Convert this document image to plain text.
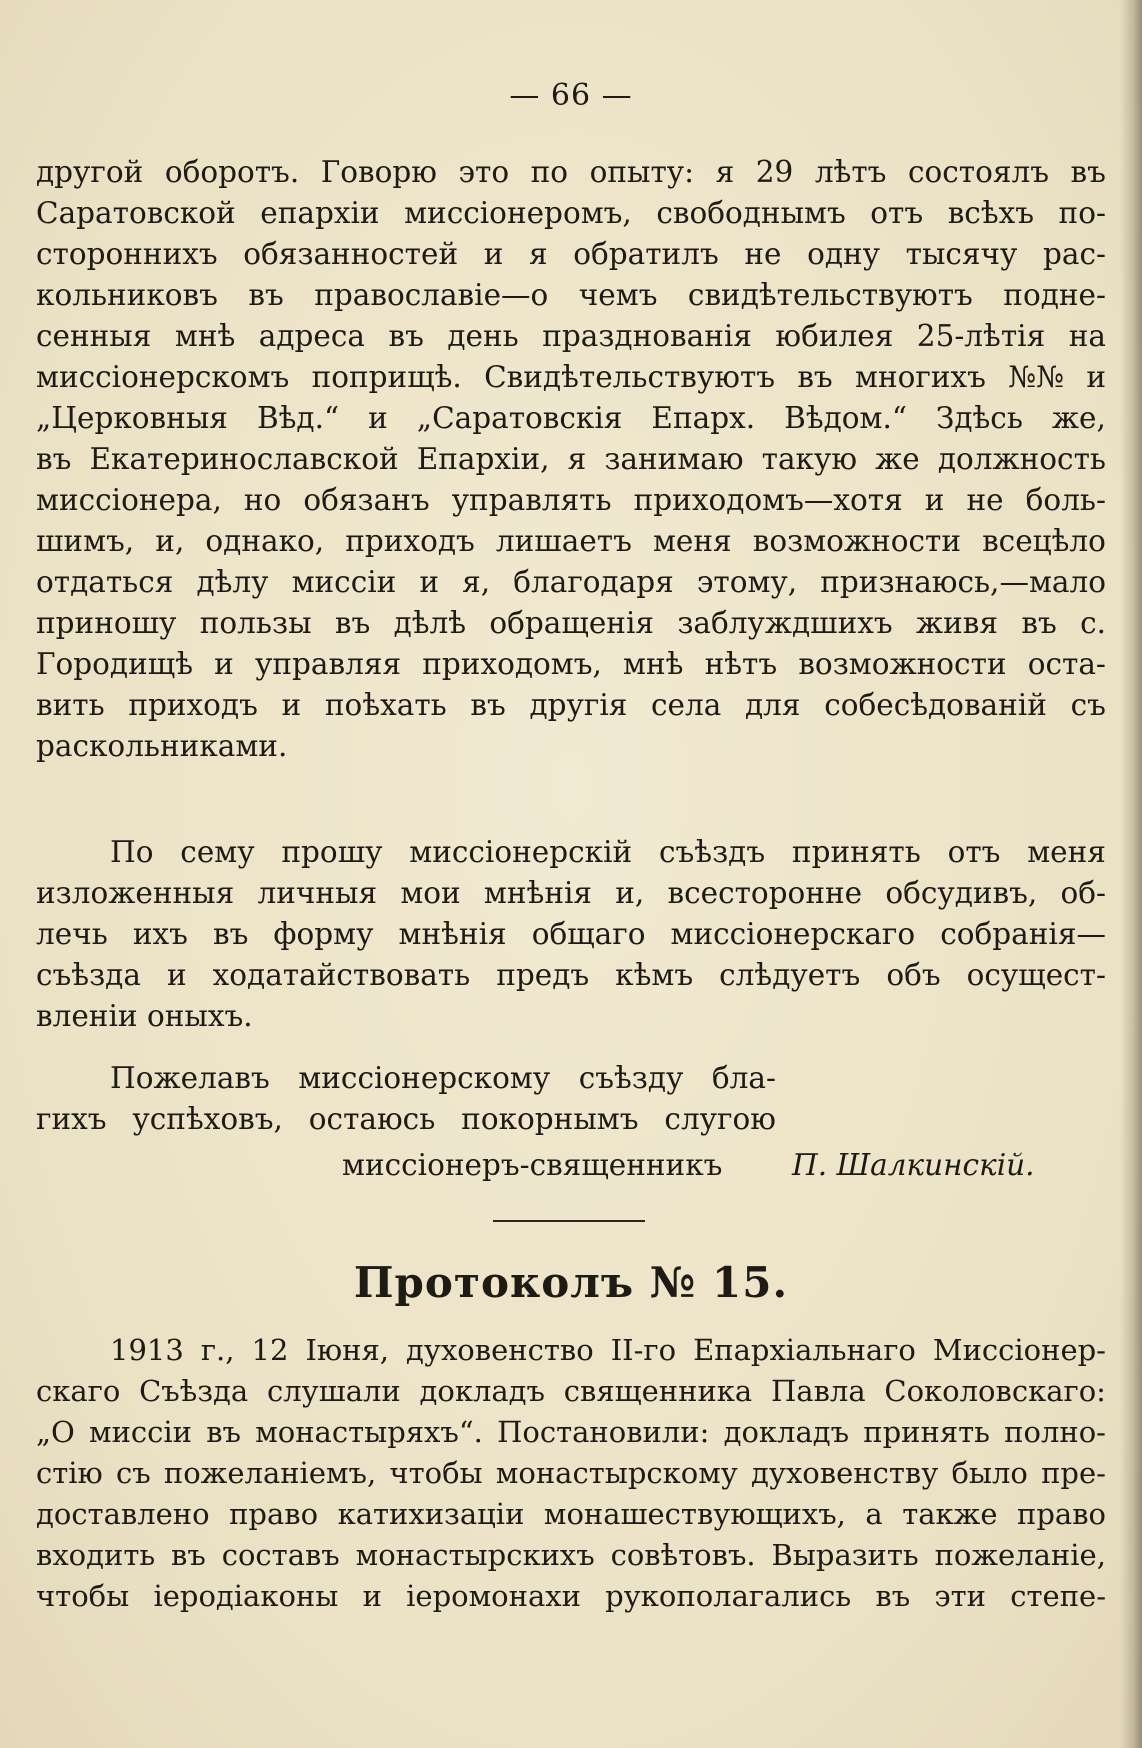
— 66 —
другой оборотъ. Говорю это по опыту: я 29 лѣтъ состоялъ въ
Саратовской епархіи миссіонеромъ, свободнымъ отъ всѣхъ по-
стороннихъ обязанностей и я обратилъ не одну тысячу рас-
кольниковъ въ православіе—о чемъ свидѣтельствуютъ подне-
сенныя мнѣ адреса въ день празднованія юбилея 25-лѣтія на
миссіонерскомъ поприщѣ. Свидѣтельствуютъ въ многихъ №№ и
„Церковныя Вѣд.“ и „Саратовскія Епарх. Вѣдом.“ Здѣсь же,
въ Екатеринославской Епархіи, я занимаю такую же должность
миссіонера, но обязанъ управлять приходомъ—хотя и не боль-
шимъ, и, однако, приходъ лишаетъ меня возможности всецѣло
отдаться дѣлу миссіи и я, благодаря этому, признаюсь,—мало
приношу пользы въ дѣлѣ обращенія заблуждшихъ живя въ с.
Городищѣ и управляя приходомъ, мнѣ нѣтъ возможности оста-
вить приходъ и поѣхать въ другія села для собесѣдованій съ
раскольниками.
По сему прошу миссіонерскій съѣздъ принять отъ меня
изложенныя личныя мои мнѣнія и, всесторонне обсудивъ, об-
лечь ихъ въ форму мнѣнія общаго миссіонерскаго собранія—
съѣзда и ходатайствовать предъ кѣмъ слѣдуетъ объ осущест-
вленіи оныхъ.
Пожелавъ миссіонерскому съѣзду бла-
гихъ успѣховъ, остаюсь покорнымъ слугою
миссіонеръ-священникъ П. Шалкинскій.
Протоколъ № 15.
1913 г., 12 Іюня, духовенство II-го Епархіальнаго Миссіонер-
скаго Съѣзда слушали докладъ священника Павла Соколовскаго:
„О миссіи въ монастыряхъ“. Постановили: докладъ принять полно-
стію съ пожеланіемъ, чтобы монастырскому духовенству было пре-
доставлено право катихизаціи монашествующихъ, а также право
входить въ составъ монастырскихъ совѣтовъ. Выразить пожеланіе,
чтобы іеродіаконы и іеромонахи рукополагались въ эти степе-
